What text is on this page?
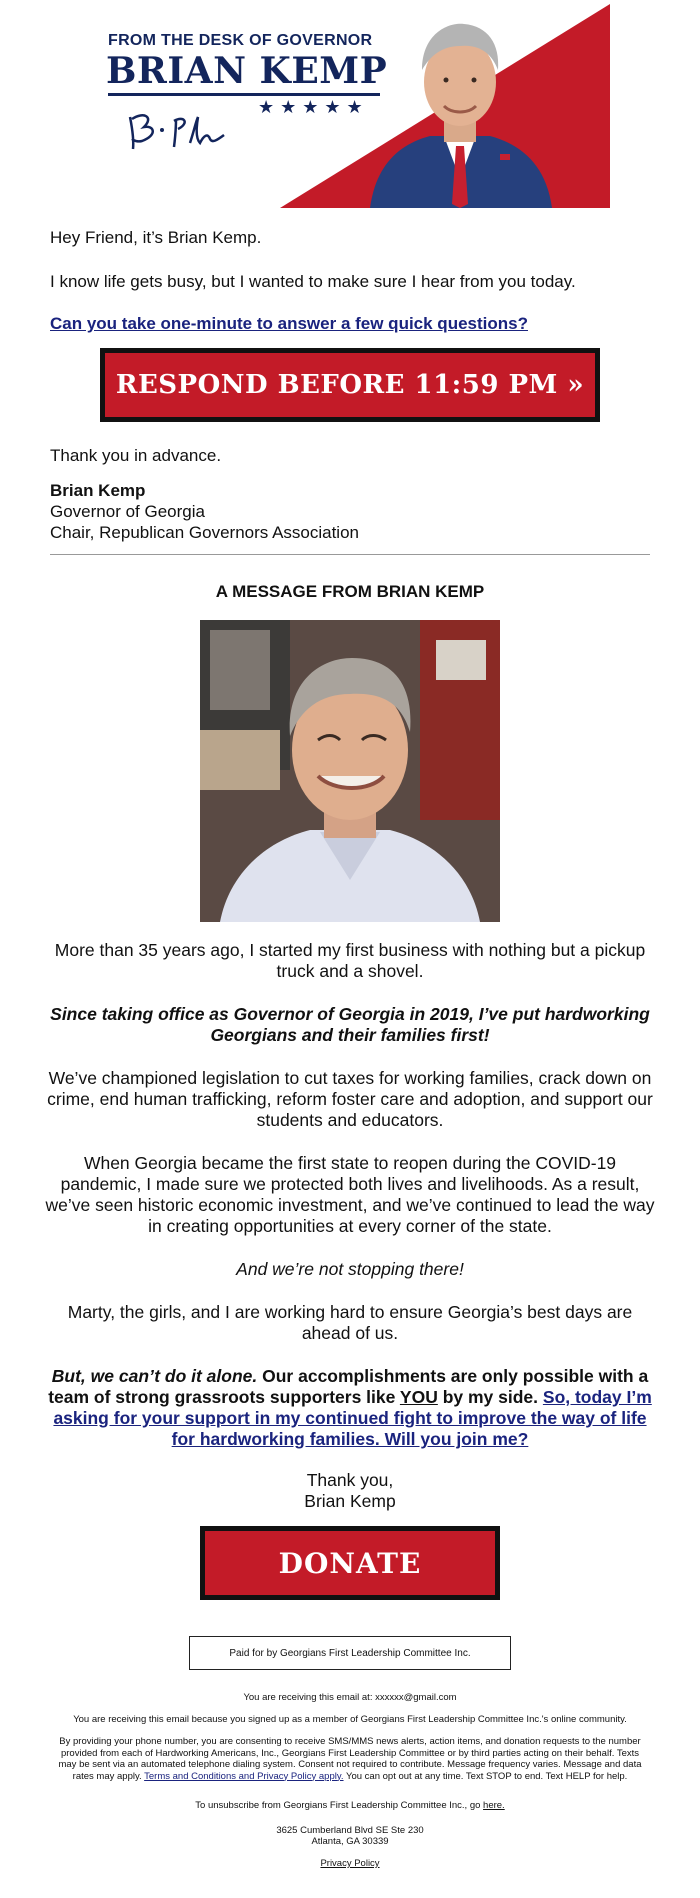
FROM THE DESK OF GOVERNOR
BRIAN KEMP
★★★★★

Hey Friend, it’s Brian Kemp.

I know life gets busy, but I wanted to make sure I hear from you today.

Can you take one-minute to answer a few quick questions?

RESPOND BEFORE 11:59 PM »

Thank you in advance.

Brian Kemp
Governor of Georgia
Chair, Republican Governors Association
A MESSAGE FROM BRIAN KEMP

More than 35 years ago, I started my first business with nothing but a pickup truck and a shovel.

Since taking office as Governor of Georgia in 2019, I’ve put hardworking Georgians and their families first!

We’ve championed legislation to cut taxes for working families, crack down on crime, end human trafficking, reform foster care and adoption, and support our students and educators.

When Georgia became the first state to reopen during the COVID-19 pandemic, I made sure we protected both lives and livelihoods. As a result, we’ve seen historic economic investment, and we’ve continued to lead the way in creating opportunities at every corner of the state.

And we’re not stopping there!

Marty, the girls, and I are working hard to ensure Georgia’s best days are ahead of us.

But, we can’t do it alone. Our accomplishments are only possible with a team of strong grassroots supporters like YOU by my side. So, today I’m asking for your support in my continued fight to improve the way of life for hardworking families. Will you join me?

Thank you,

Brian Kemp

DONATE
Paid for by Georgians First Leadership Committee Inc.

You are receiving this email at: xxxxxx@gmail.com

You are receiving this email because you signed up as a member of Georgians First Leadership Committee Inc.'s online community.

By providing your phone number, you are consenting to receive SMS/MMS news alerts, action items, and donation requests to the number provided from each of Hardworking Americans, Inc., Georgians First Leadership Committee or by third parties acting on their behalf. Texts may be sent via an automated telephone dialing system. Consent not required to contribute. Message frequency varies. Message and data rates may apply. Terms and Conditions and Privacy Policy apply. You can opt out at any time. Text STOP to end. Text HELP for help.

To unsubscribe from Georgians First Leadership Committee Inc., go here.

3625 Cumberland Blvd SE Ste 230

Atlanta, GA 30339

Privacy Policy
